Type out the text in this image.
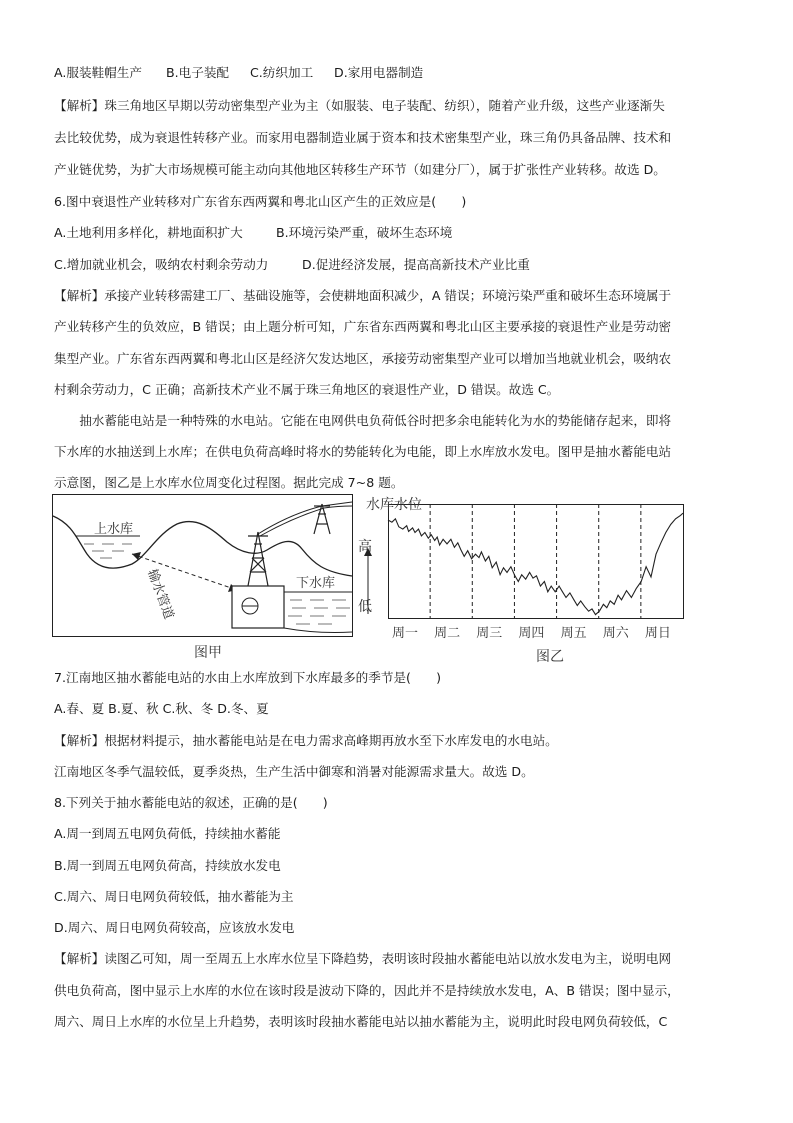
A.服装鞋帽生产 B.电子装配 C.纺织加工 D.家用电器制造
【解析】珠三角地区早期以劳动密集型产业为主（如服装、电子装配、纺织），随着产业升级，这些产业逐渐失
去比较优势，成为衰退性转移产业。而家用电器制造业属于资本和技术密集型产业，珠三角仍具备品牌、技术和
产业链优势，为扩大市场规模可能主动向其他地区转移生产环节（如建分厂），属于扩张性产业转移。故选 D。
6.图中衰退性产业转移对广东省东西两翼和粤北山区产生的正效应是(　　)
A.土地利用多样化，耕地面积扩大	B.环境污染严重，破坏生态环境
C.增加就业机会，吸纳农村剩余劳动力	D.促进经济发展，提高高新技术产业比重
【解析】承接产业转移需建工厂、基础设施等，会使耕地面积减少，A 错误；环境污染严重和破坏生态环境属于
产业转移产生的负效应，B 错误；由上题分析可知，广东省东西两翼和粤北山区主要承接的衰退性产业是劳动密
集型产业。广东省东西两翼和粤北山区是经济欠发达地区，承接劳动密集型产业可以增加当地就业机会，吸纳农
村剩余劳动力，C 正确；高新技术产业不属于珠三角地区的衰退性产业，D 错误。故选 C。
　　抽水蓄能电站是一种特殊的水电站。它能在电网供电负荷低谷时把多余电能转化为水的势能储存起来，即将
下水库的水抽送到上水库；在供电负荷高峰时将水的势能转化为电能，即上水库放水发电。图甲是抽水蓄能电站
示意图，图乙是上水库水位周变化过程图。据此完成 7~8 题。
上水库
下水库
输水管道
图甲
水库水位
高
低
周一 周二 周三 周四 周五 周六 周日
图乙
7.江南地区抽水蓄能电站的水由上水库放到下水库最多的季节是(　　)
A.春、夏 B.夏、秋 C.秋、冬 D.冬、夏
【解析】根据材料提示，抽水蓄能电站是在电力需求高峰期再放水至下水库发电的水电站。
江南地区冬季气温较低，夏季炎热，生产生活中御寒和消暑对能源需求量大。故选 D。
8.下列关于抽水蓄能电站的叙述，正确的是(　　)
A.周一到周五电网负荷低，持续抽水蓄能
B.周一到周五电网负荷高，持续放水发电
C.周六、周日电网负荷较低，抽水蓄能为主
D.周六、周日电网负荷较高，应该放水发电
【解析】读图乙可知，周一至周五上水库水位呈下降趋势，表明该时段抽水蓄能电站以放水发电为主，说明电网
供电负荷高，图中显示上水库的水位在该时段是波动下降的，因此并不是持续放水发电，A、B 错误；图中显示，
周六、周日上水库的水位呈上升趋势，表明该时段抽水蓄能电站以抽水蓄能为主，说明此时段电网负荷较低，C
